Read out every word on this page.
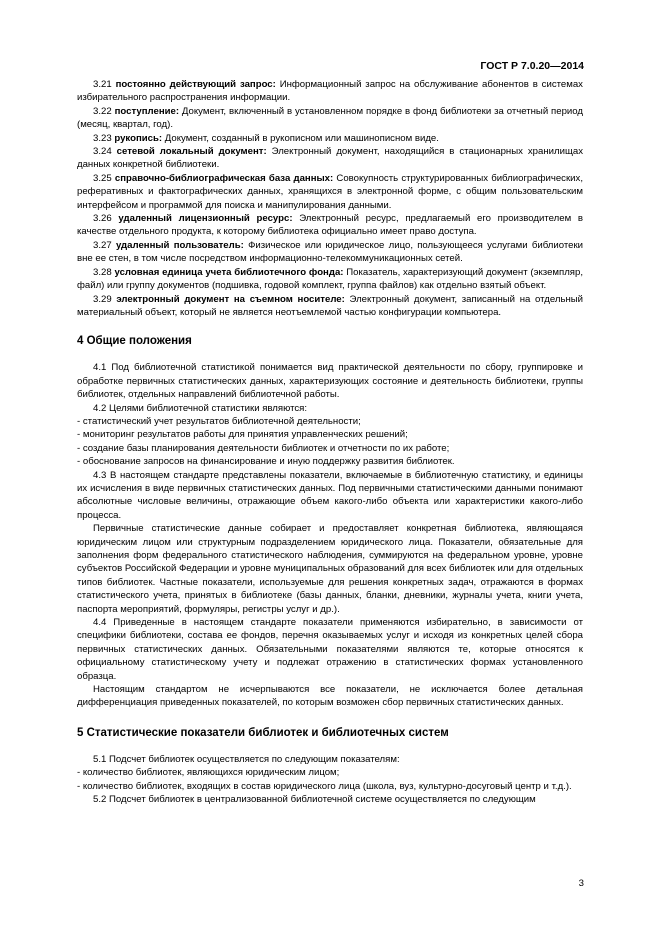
ГОСТ Р 7.0.20—2014

3.21 постоянно действующий запрос: Информационный запрос на обслуживание абонентов в системах избирательного распространения информации.

3.22 поступление: Документ, включенный в установленном порядке в фонд библиотеки за отчетный период (месяц, квартал, год).

3.23 рукопись: Документ, созданный в рукописном или машинописном виде.

3.24 сетевой локальный документ: Электронный документ, находящийся в стационарных хранилищах данных конкретной библиотеки.

3.25 справочно-библиографическая база данных: Совокупность структурированных библиографических, реферативных и фактографических данных, хранящихся в электронной форме, с общим пользовательским интерфейсом и программой для поиска и манипулирования данными.

3.26 удаленный лицензионный ресурс: Электронный ресурс, предлагаемый его производителем в качестве отдельного продукта, к которому библиотека официально имеет право доступа.

3.27 удаленный пользователь: Физическое или юридическое лицо, пользующееся услугами библиотеки вне ее стен, в том числе посредством информационно-телекоммуникационных сетей.

3.28 условная единица учета библиотечного фонда: Показатель, характеризующий документ (экземпляр, файл) или группу документов (подшивка, годовой комплект, группа файлов) как отдельно взятый объект.

3.29 электронный документ на съемном носителе: Электронный документ, записанный на отдельный материальный объект, который не является неотъемлемой частью конфигурации компьютера.

4 Общие положения

4.1 Под библиотечной статистикой понимается вид практической деятельности по сбору, группировке и обработке первичных статистических данных, характеризующих состояние и деятельность библиотеки, группы библиотек, отдельных направлений библиотечной работы.

4.2 Целями библиотечной статистики являются:

- статистический учет результатов библиотечной деятельности;

- мониторинг результатов работы для принятия управленческих решений;

- создание базы планирования деятельности библиотек и отчетности по их работе;

- обоснование запросов на финансирование и иную поддержку развития библиотек.

4.3 В настоящем стандарте представлены показатели, включаемые в библиотечную статистику, и единицы их исчисления в виде первичных статистических данных. Под первичными статистическими данными понимают абсолютные числовые величины, отражающие объем какого-либо объекта или характеристики какого-либо процесса.

Первичные статистические данные собирает и предоставляет конкретная библиотека, являющаяся юридическим лицом или структурным подразделением юридического лица. Показатели, обязательные для заполнения форм федерального статистического наблюдения, суммируются на федеральном уровне, уровне субъектов Российской Федерации и уровне муниципальных образований для всех библиотек или для отдельных типов библиотек. Частные показатели, используемые для решения конкретных задач, отражаются в формах статистического учета, принятых в библиотеке (базы данных, бланки, дневники, журналы учета, книги учета, паспорта мероприятий, формуляры, регистры услуг и др.).

4.4 Приведенные в настоящем стандарте показатели применяются избирательно, в зависимости от специфики библиотеки, состава ее фондов, перечня оказываемых услуг и исходя из конкретных целей сбора первичных статистических данных. Обязательными показателями являются те, которые относятся к официальному статистическому учету и подлежат отражению в статистических формах установленного образца.

Настоящим стандартом не исчерпываются все показатели, не исключается более детальная дифференциация приведенных показателей, по которым возможен сбор первичных статистических данных.

5 Статистические показатели библиотек и библиотечных систем

5.1 Подсчет библиотек осуществляется по следующим показателям:

- количество библиотек, являющихся юридическим лицом;

- количество библиотек, входящих в состав юридического лица (школа, вуз, культурно-досуговый центр и т.д.).

5.2 Подсчет библиотек в централизованной библиотечной системе осуществляется по следующим

3
